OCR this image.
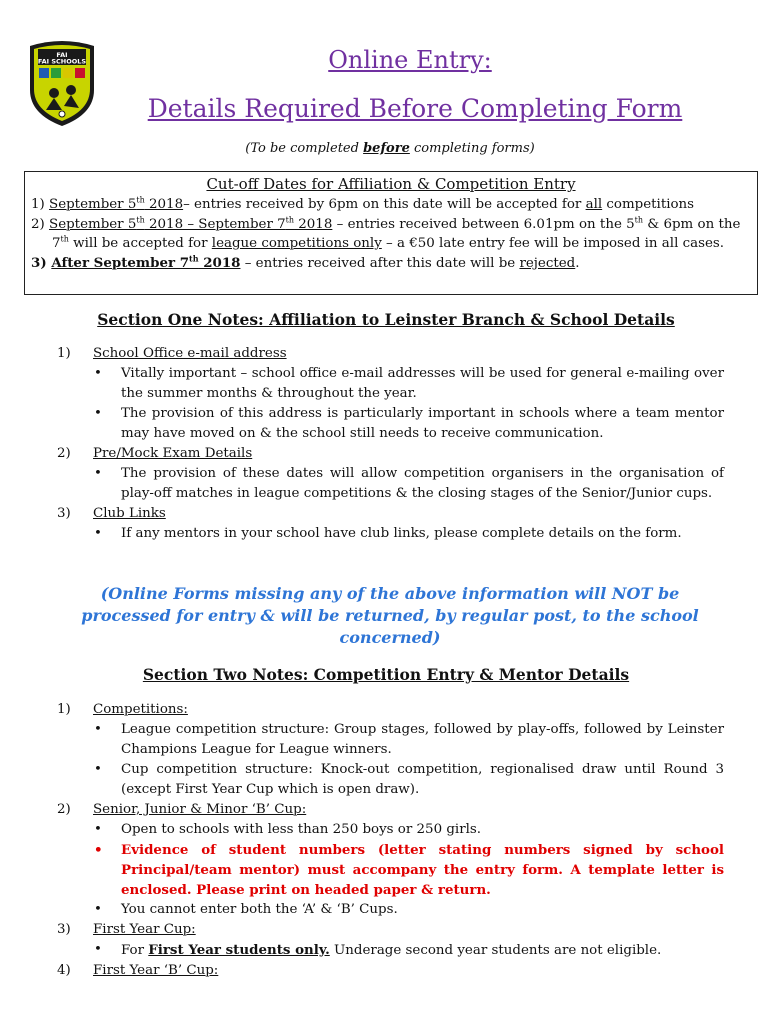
FAI
FAI SCHOOLS	Online Entry:
Details Required Before Completing Form
(To be completed before completing forms)
Cut-off Dates for Affiliation & Competition Entry
1) September 5th 2018– entries received by 6pm on this date will be accepted for all competitions
2) September 5th 2018 – September 7th 2018 – entries received between 6.01pm on the 5th & 6pm on the 7th will be accepted for league competitions only – a €50 late entry fee will be imposed in all cases.
3) After September 7th 2018 – entries received after this date will be rejected.
Section One Notes: Affiliation to Leinster Branch & School Details
1) School Office e-mail address
• Vitally important – school office e-mail addresses will be used for general e-mailing over the summer months & throughout the year.
• The provision of this address is particularly important in schools where a team mentor may have moved on & the school still needs to receive communication.
2) Pre/Mock Exam Details
• The provision of these dates will allow competition organisers in the organisation of play-off matches in league competitions & the closing stages of the Senior/Junior cups.
3) Club Links
• If any mentors in your school have club links, please complete details on the form.
(Online Forms missing any of the above information will NOT be processed for entry & will be returned, by regular post, to the school concerned)
Section Two Notes: Competition Entry & Mentor Details
1) Competitions:
• League competition structure: Group stages, followed by play-offs, followed by Leinster Champions League for League winners.
• Cup competition structure: Knock-out competition, regionalised draw until Round 3 (except First Year Cup which is open draw).
2) Senior, Junior & Minor ‘B’ Cup:
• Open to schools with less than 250 boys or 250 girls.
• Evidence of student numbers (letter stating numbers signed by school Principal/team mentor) must accompany the entry form. A template letter is enclosed. Please print on headed paper & return.
• You cannot enter both the ‘A’ & ‘B’ Cups.
3) First Year Cup:
• For First Year students only. Underage second year students are not eligible.
4) First Year ‘B’ Cup:
